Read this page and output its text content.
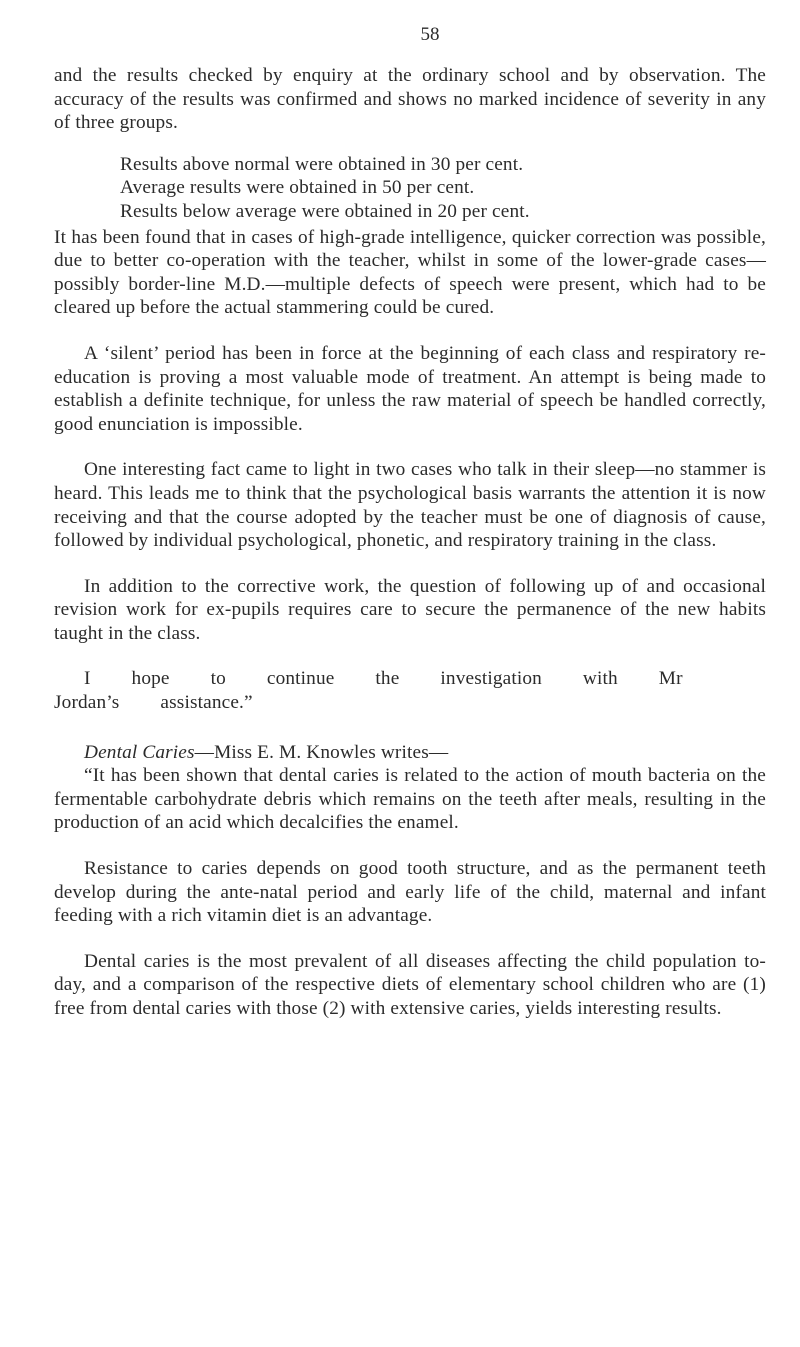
58

and the results checked by enquiry at the ordinary school and by observation. The accuracy of the results was confirmed and shows no marked incidence of severity in any of three groups.

Results above normal were obtained in 30 per cent.

Average results were obtained in 50 per cent.

Results below average were obtained in 20 per cent.

It has been found that in cases of high-grade intelligence, quicker correction was possible, due to better co-operation with the teacher, whilst in some of the lower-grade cases—possibly border-line M.D.—multiple defects of speech were present, which had to be cleared up before the actual stammering could be cured.

A ‘silent’ period has been in force at the beginning of each class and respiratory re-education is proving a most valuable mode of treatment. An attempt is being made to establish a definite technique, for unless the raw material of speech be handled correctly, good enunciation is impossible.

One interesting fact came to light in two cases who talk in their sleep—no stammer is heard. This leads me to think that the psychological basis warrants the attention it is now receiving and that the course adopted by the teacher must be one of diagnosis of cause, followed by individual psychological, phonetic, and respiratory training in the class.

In addition to the corrective work, the question of following up of and occasional revision work for ex-pupils requires care to secure the permanence of the new habits taught in the class.

I hope to continue the investigation with Mr Jordan’s assistance.”

Dental Caries—Miss E. M. Knowles writes—

“It has been shown that dental caries is related to the action of mouth bacteria on the fermentable carbohydrate debris which remains on the teeth after meals, resulting in the production of an acid which decalcifies the enamel.

Resistance to caries depends on good tooth structure, and as the permanent teeth develop during the ante-natal period and early life of the child, maternal and infant feeding with a rich vitamin diet is an advantage.

Dental caries is the most prevalent of all diseases affecting the child population to-day, and a comparison of the respective diets of elementary school children who are (1) free from dental caries with those (2) with extensive caries, yields interesting results.
